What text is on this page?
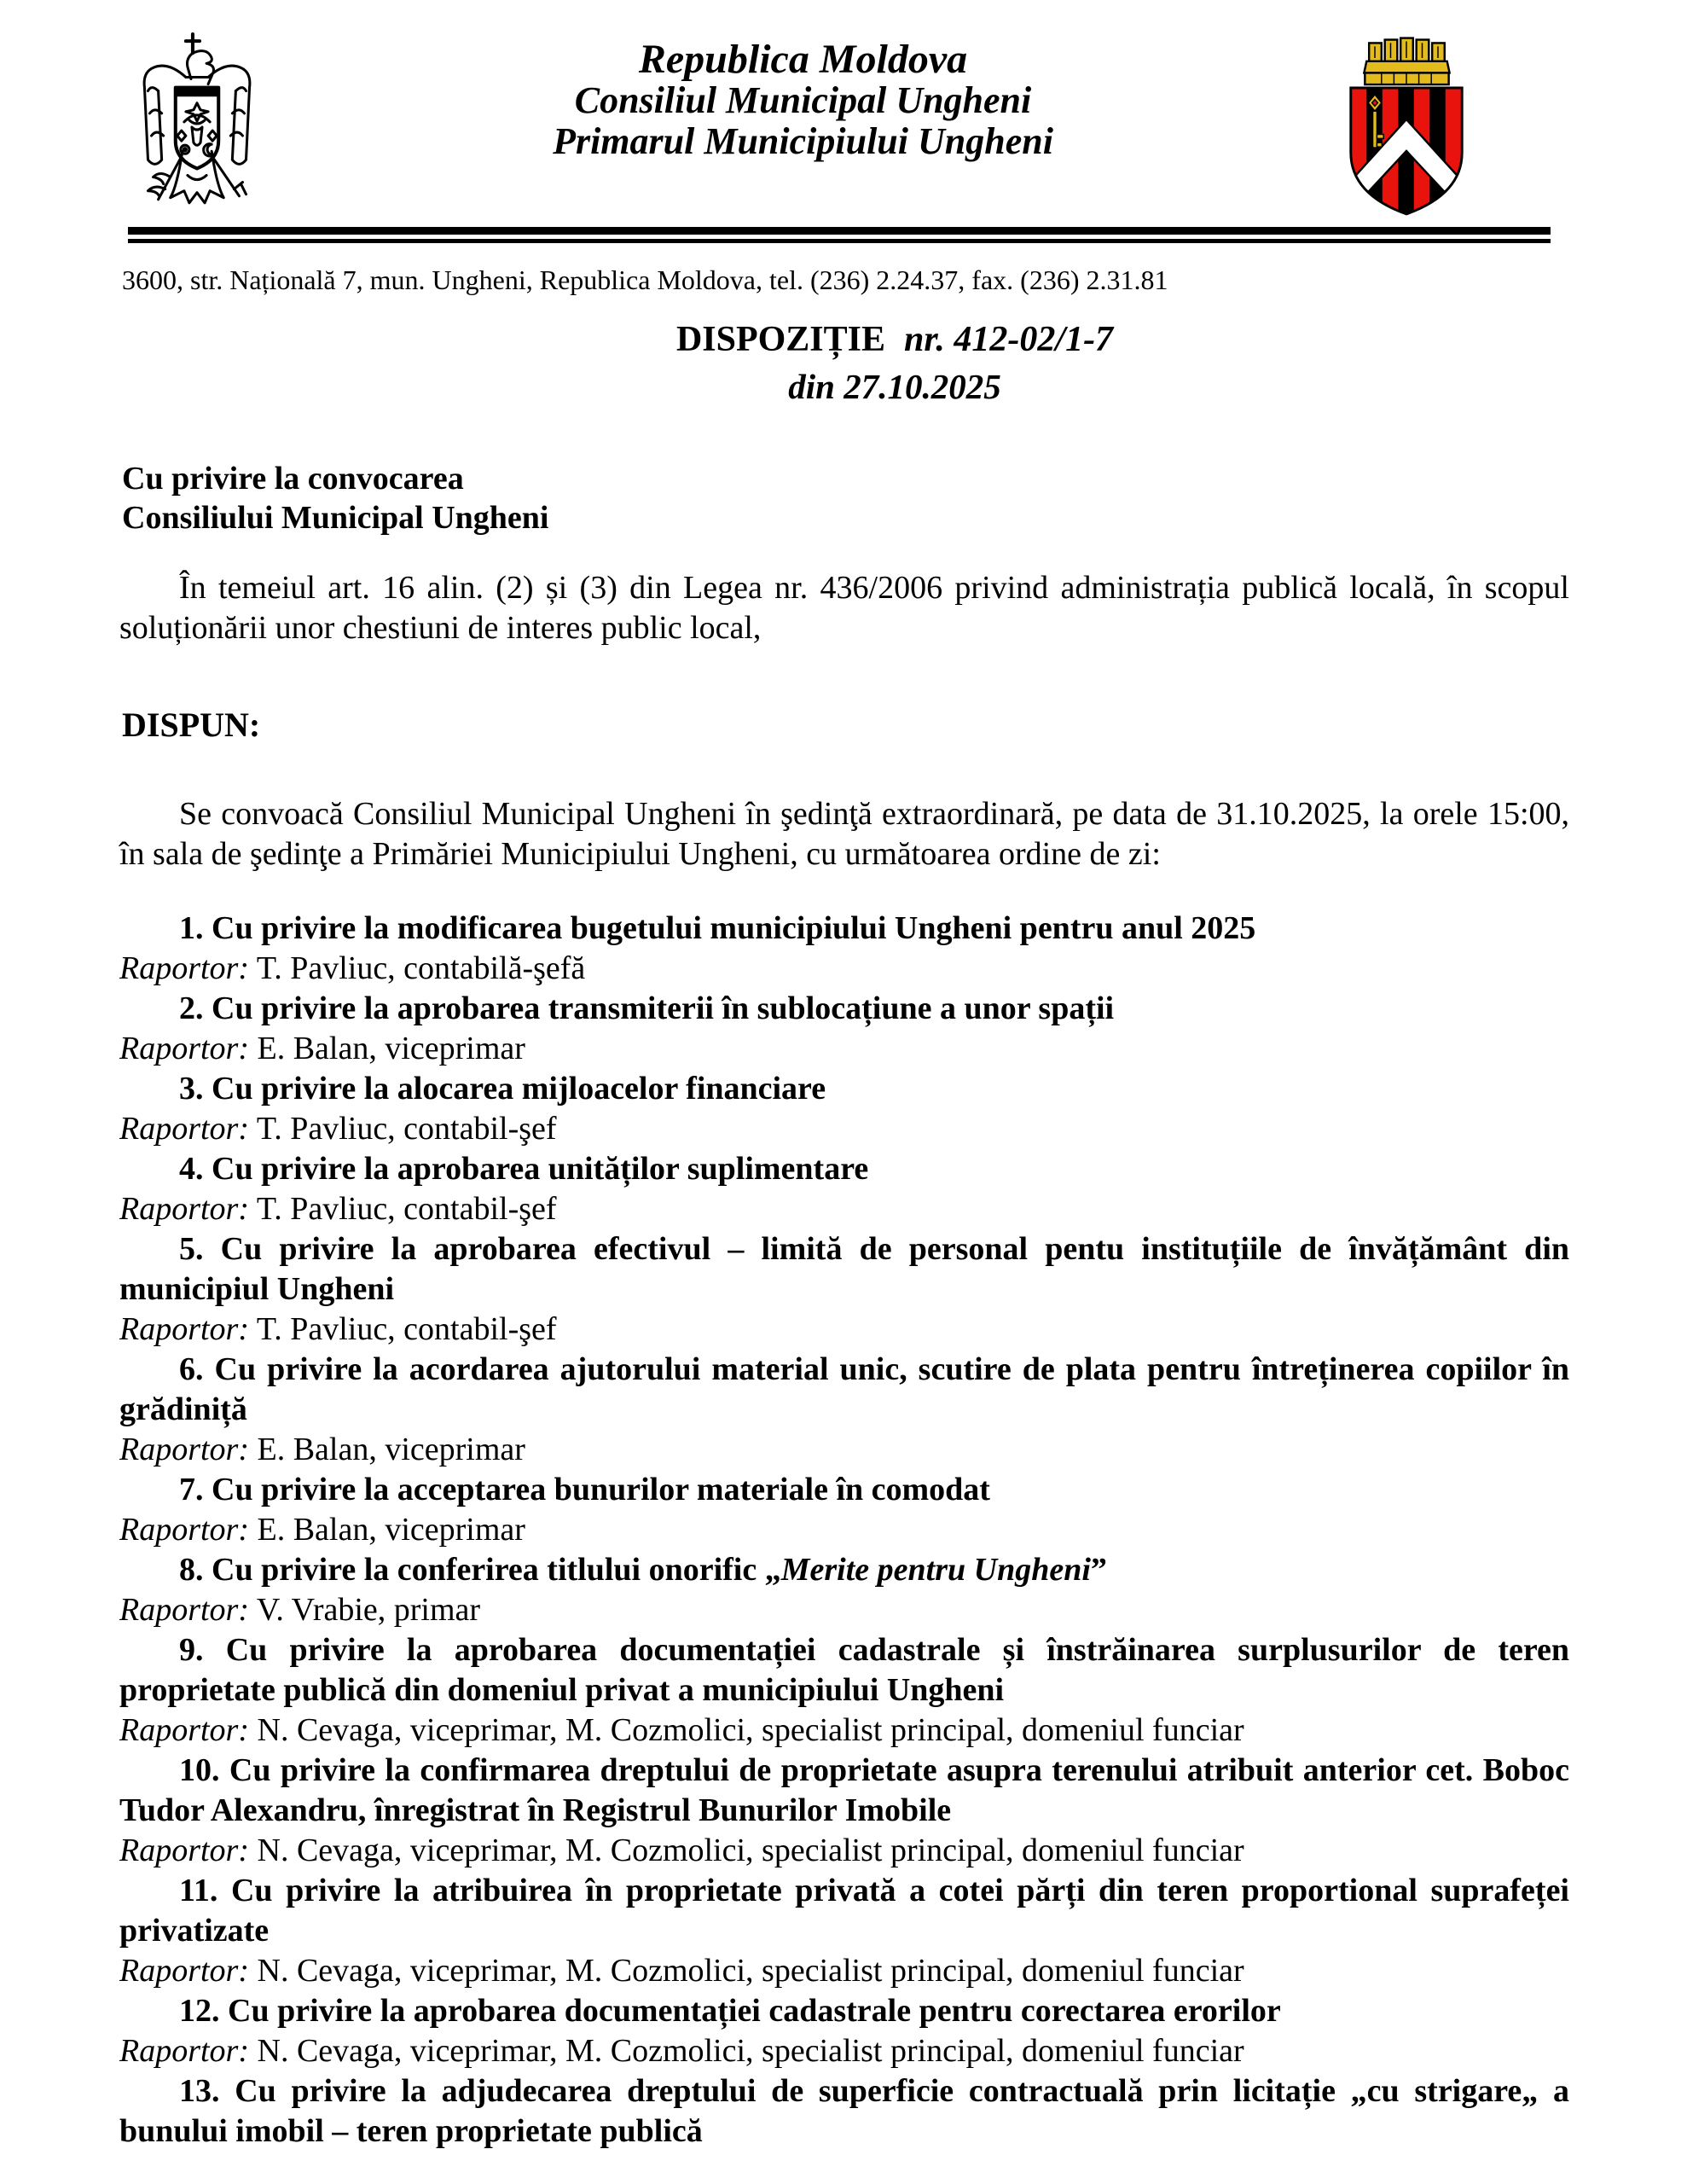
Republica Moldova
Consiliul Municipal Ungheni
Primarul Municipiului Ungheni
3600, str. Națională 7, mun. Ungheni, Republica Moldova, tel. (236) 2.24.37, fax. (236) 2.31.81
DISPOZIȚIE nr. 412-02/1-7
din 27.10.2025
Cu privire la convocarea
Consiliului Municipal Ungheni

În temeiul art. 16 alin. (2) și (3) din Legea nr. 436/2006 privind administrația publică locală, în scopul soluționării unor chestiuni de interes public local,

DISPUN:

Se convoacă Consiliul Municipal Ungheni în şedinţă extraordinară, pe data de 31.10.2025, la orele 15:00, în sala de şedinţe a Primăriei Municipiului Ungheni, cu următoarea ordine de zi:

1. Cu privire la modificarea bugetului municipiului Ungheni pentru anul 2025

Raportor: T. Pavliuc, contabilă-şefă

2. Cu privire la aprobarea transmiterii în sublocațiune a unor spații

Raportor: E. Balan, viceprimar

3. Cu privire la alocarea mijloacelor financiare

Raportor: T. Pavliuc, contabil-şef

4. Cu privire la aprobarea unităților suplimentare

Raportor: T. Pavliuc, contabil-şef

5. Cu privire la aprobarea efectivul – limită de personal pentu instituțiile de învățământ din municipiul Ungheni

Raportor: T. Pavliuc, contabil-şef

6. Cu privire la acordarea ajutorului material unic, scutire de plata pentru întreținerea copiilor în grădiniță

Raportor: E. Balan, viceprimar

7. Cu privire la acceptarea bunurilor materiale în comodat

Raportor: E. Balan, viceprimar

8. Cu privire la conferirea titlului onorific „Merite pentru Ungheni”

Raportor: V. Vrabie, primar

9. Cu privire la aprobarea documentației cadastrale și înstrăinarea surplusurilor de teren proprietate publică din domeniul privat a municipiului Ungheni

Raportor: N. Cevaga, viceprimar, M. Cozmolici, specialist principal, domeniul funciar

10. Cu privire la confirmarea dreptului de proprietate asupra terenului atribuit anterior cet. Boboc Tudor Alexandru, înregistrat în Registrul Bunurilor Imobile

Raportor: N. Cevaga, viceprimar, M. Cozmolici, specialist principal, domeniul funciar

11. Cu privire la atribuirea în proprietate privată a cotei părți din teren proportional suprafeței privatizate

Raportor: N. Cevaga, viceprimar, M. Cozmolici, specialist principal, domeniul funciar

12. Cu privire la aprobarea documentației cadastrale pentru corectarea erorilor

Raportor: N. Cevaga, viceprimar, M. Cozmolici, specialist principal, domeniul funciar

13. Cu privire la adjudecarea dreptului de superficie contractuală prin licitație „cu strigare„ a bunului imobil – teren proprietate publică
